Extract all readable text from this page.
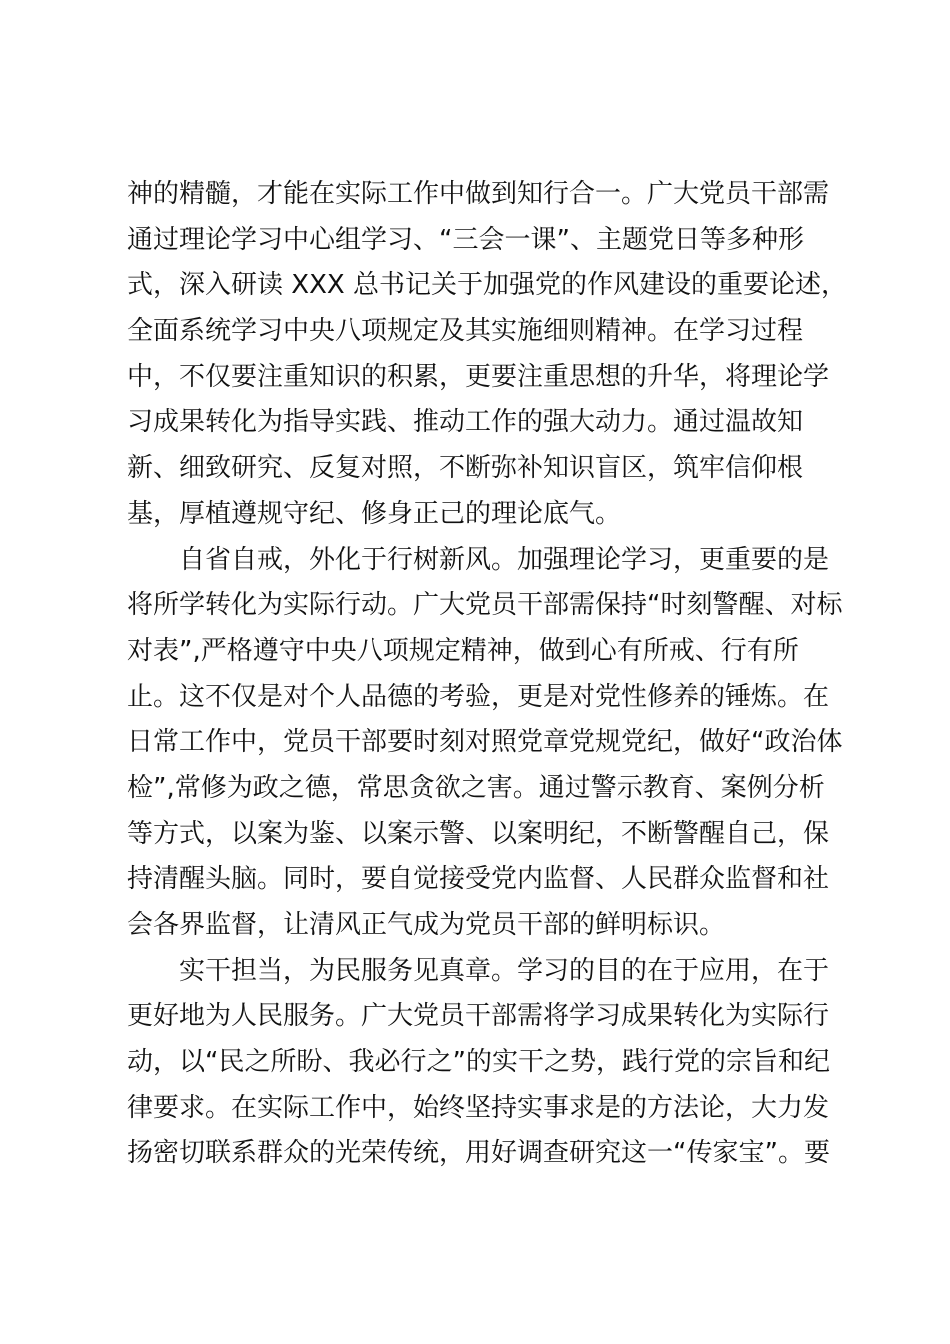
神的精髓，才能在实际工作中做到知行合一。广大党员干部需
通过理论学习中心组学习、“三会一课”、主题党日等多种形
式，深入研读 XXX 总书记关于加强党的作风建设的重要论述，
全面系统学习中央八项规定及其实施细则精神。在学习过程
中，不仅要注重知识的积累，更要注重思想的升华，将理论学
习成果转化为指导实践、推动工作的强大动力。通过温故知
新、细致研究、反复对照，不断弥补知识盲区，筑牢信仰根
基，厚植遵规守纪、修身正己的理论底气。
自省自戒，外化于行树新风。加强理论学习，更重要的是
将所学转化为实际行动。广大党员干部需保持“时刻警醒、对标
对表”,严格遵守中央八项规定精神，做到心有所戒、行有所
止。这不仅是对个人品德的考验，更是对党性修养的锤炼。在
日常工作中，党员干部要时刻对照党章党规党纪，做好“政治体
检”,常修为政之德，常思贪欲之害。通过警示教育、案例分析
等方式，以案为鉴、以案示警、以案明纪，不断警醒自己，保
持清醒头脑。同时，要自觉接受党内监督、人民群众监督和社
会各界监督，让清风正气成为党员干部的鲜明标识。
实干担当，为民服务见真章。学习的目的在于应用，在于
更好地为人民服务。广大党员干部需将学习成果转化为实际行
动，以“民之所盼、我必行之”的实干之势，践行党的宗旨和纪
律要求。在实际工作中，始终坚持实事求是的方法论，大力发
扬密切联系群众的光荣传统，用好调查研究这一“传家宝”。要
